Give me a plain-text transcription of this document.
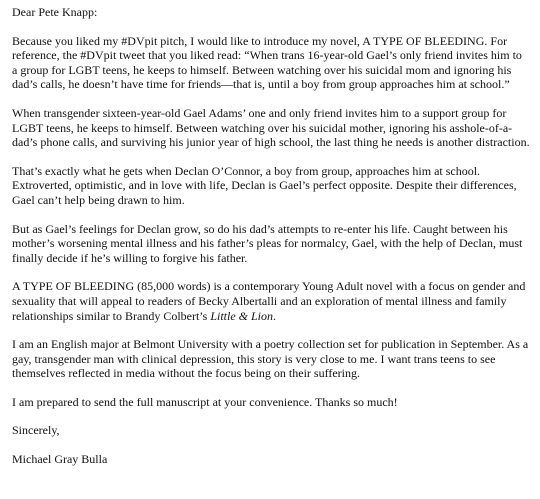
Dear Pete Knapp:

Because you liked my #DVpit pitch, I would like to introduce my novel, A TYPE OF BLEEDING. For reference, the #DVpit tweet that you liked read: “When trans 16-year-old Gael’s only friend invites him to a group for LGBT teens, he keeps to himself. Between watching over his suicidal mom and ignoring his dad’s calls, he doesn’t have time for friends—that is, until a boy from group approaches him at school.”

When transgender sixteen-year-old Gael Adams’ one and only friend invites him to a support group for LGBT teens, he keeps to himself. Between watching over his suicidal mother, ignoring his asshole-of-a-dad’s phone calls, and surviving his junior year of high school, the last thing he needs is another distraction.

That’s exactly what he gets when Declan O’Connor, a boy from group, approaches him at school. Extroverted, optimistic, and in love with life, Declan is Gael’s perfect opposite. Despite their differences, Gael can’t help being drawn to him.

But as Gael’s feelings for Declan grow, so do his dad’s attempts to re-enter his life. Caught between his mother’s worsening mental illness and his father’s pleas for normalcy, Gael, with the help of Declan, must finally decide if he’s willing to forgive his father.

A TYPE OF BLEEDING (85,000 words) is a contemporary Young Adult novel with a focus on gender and sexuality that will appeal to readers of Becky Albertalli and an exploration of mental illness and family relationships similar to Brandy Colbert’s Little & Lion.

I am an English major at Belmont University with a poetry collection set for publication in September. As a gay, transgender man with clinical depression, this story is very close to me. I want trans teens to see themselves reflected in media without the focus being on their suffering.

I am prepared to send the full manuscript at your convenience. Thanks so much!

Sincerely,

Michael Gray Bulla
